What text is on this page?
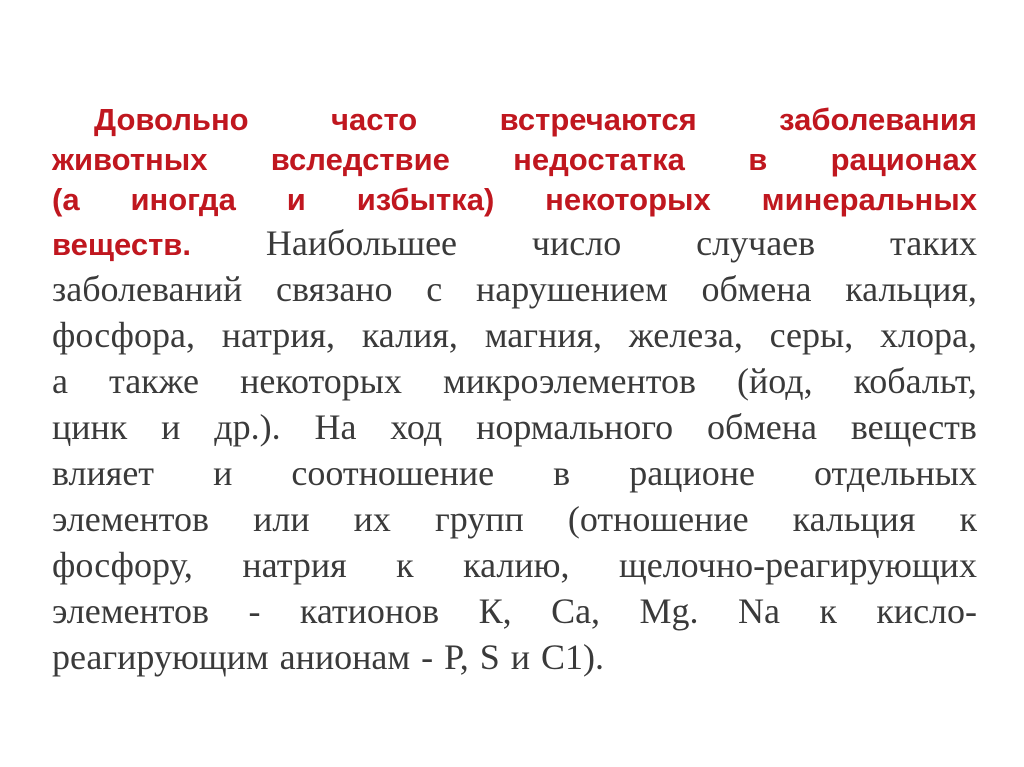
Довольно	часто	встречаются	заболевания
животных вследствие недостатка в рационах
(а иногда и избытка) некоторых минеральных
веществ. Наибольшее число случаев таких
заболеваний связано с нарушением обмена кальция,
фосфора, натрия, калия, магния, железа, серы, хлора,
а также некоторых микроэлементов (йод, кобальт,
цинк и др.). На ход нормального обмена веществ
влияет и соотношение в рационе отдельных
элементов или их групп (отношение кальция к
фосфору, натрия к калию, щелочно-реагирующих
элементов - катионов К, Са, Mg. Na к кисло-
реагирующим анионам - Р, S и С1).
